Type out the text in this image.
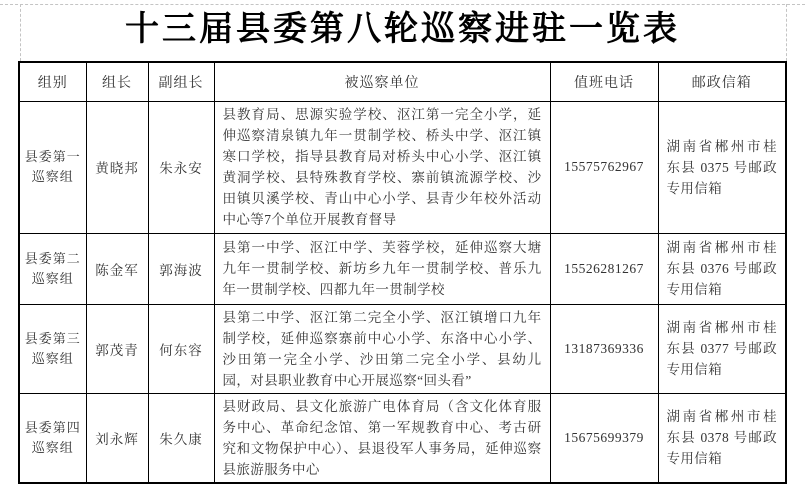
十三届县委第八轮巡察进驻一览表
组别	组长	副组长	被巡察单位	值班电话	邮政信箱
县委第一巡察组	黄晓邦	朱永安	县教育局、思源实验学校、沤江第一完全小学，延伸巡察清泉镇九年一贯制学校、桥头中学、沤江镇寒口学校，指导县教育局对桥头中心小学、沤江镇黄洞学校、县特殊教育学校、寨前镇流源学校、沙田镇贝溪学校、青山中心小学、县青少年校外活动中心等7个单位开展教育督导	15575762967	湖南省郴州市桂东县 0375 号邮政专用信箱
县委第二巡察组	陈金军	郭海波	县第一中学、沤江中学、芙蓉学校，延伸巡察大塘九年一贯制学校、新坊乡九年一贯制学校、普乐九年一贯制学校、四都九年一贯制学校	15526281267	湖南省郴州市桂东县 0376 号邮政专用信箱
县委第三巡察组	郭茂青	何东容	县第二中学、沤江第二完全小学、沤江镇增口九年制学校，延伸巡察寨前中心小学、东洛中心小学、沙田第一完全小学、沙田第二完全小学、县幼儿园，对县职业教育中心开展巡察“回头看”	13187369336	湖南省郴州市桂东县 0377 号邮政专用信箱
县委第四巡察组	刘永辉	朱久康	县财政局、县文化旅游广电体育局（含文化体育服务中心、革命纪念馆、第一军规教育中心、考古研究和文物保护中心）、县退役军人事务局，延伸巡察县旅游服务中心	15675699379	湖南省郴州市桂东县 0378 号邮政专用信箱
